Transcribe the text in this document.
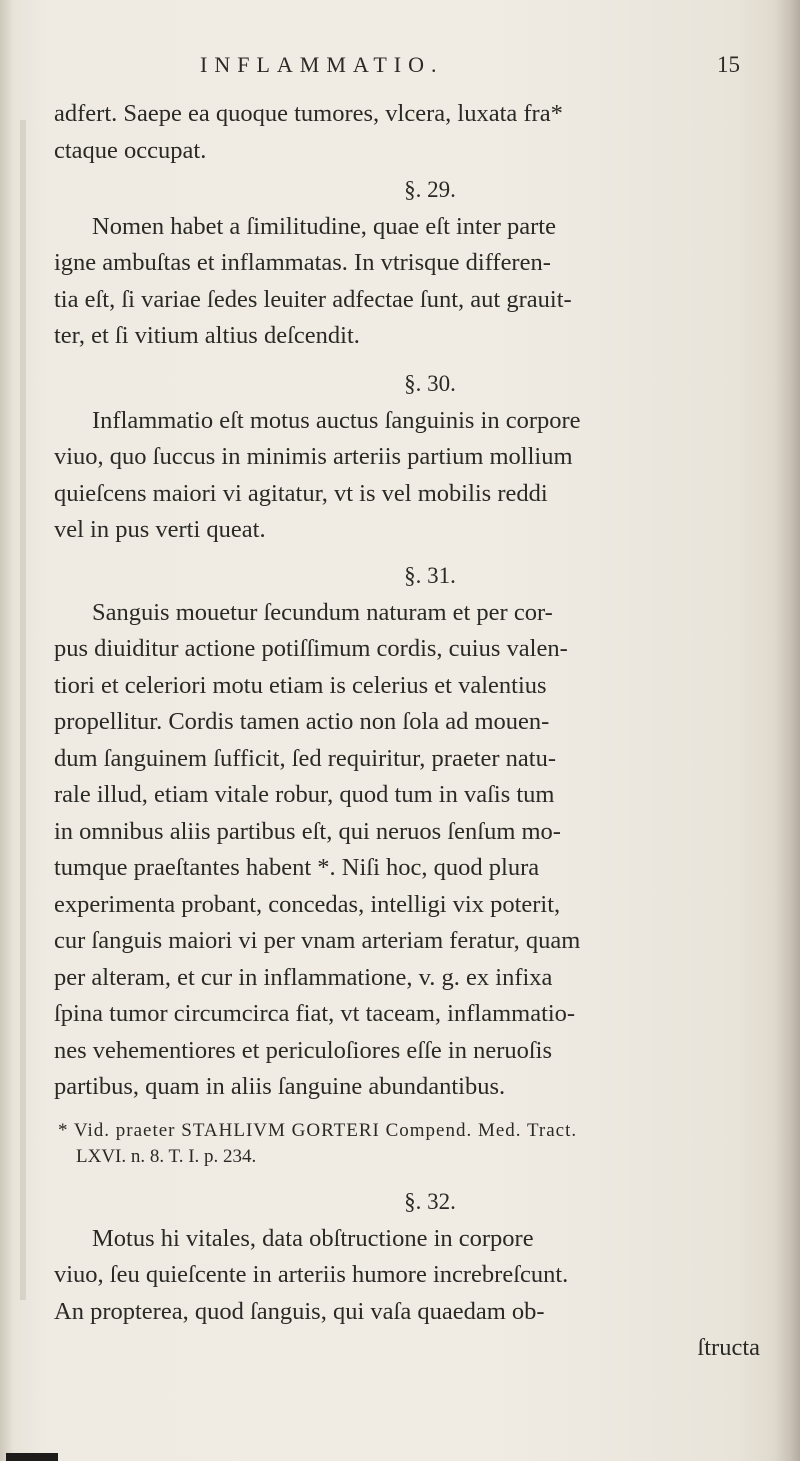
INFLAMMATIO.	15
adfert. Saepe ea quoque tumores, vlcera, luxata fra*
ctaque occupat.
§. 29.
Nomen habet a ſimilitudine, quae eſt inter parte
igne ambuſtas et inflammatas. In vtrisque differen-
tia eſt, ſi variae ſedes leuiter adfectae ſunt, aut grauit-
ter, et ſi vitium altius deſcendit.
§. 30.
Inflammatio eſt motus auctus ſanguinis in corpore
viuo, quo ſuccus in minimis arteriis partium mollium
quieſcens maiori vi agitatur, vt is vel mobilis reddi
vel in pus verti queat.
§. 31.
Sanguis mouetur ſecundum naturam et per cor-
pus diuiditur actione potiſſimum cordis, cuius valen-
tiori et celeriori motu etiam is celerius et valentius
propellitur. Cordis tamen actio non ſola ad mouen-
dum ſanguinem ſufficit, ſed requiritur, praeter natu-
rale illud, etiam vitale robur, quod tum in vaſis tum
in omnibus aliis partibus eſt, qui neruos ſenſum mo-
tumque praeſtantes habent *. Niſi hoc, quod plura
experimenta probant, concedas, intelligi vix poterit,
cur ſanguis maiori vi per vnam arteriam feratur, quam
per alteram, et cur in inflammatione, v. g. ex infixa
ſpina tumor circumcirca fiat, vt taceam, inflammatio-
nes vehementiores et periculoſiores eſſe in neruoſis
partibus, quam in aliis ſanguine abundantibus.
* Vid. praeter STAHLIVM GORTERI Compend. Med. Tract.
LXVI. n. 8. T. I. p. 234.
§. 32.
Motus hi vitales, data obſtructione in corpore
viuo, ſeu quieſcente in arteriis humore increbreſcunt.
An propterea, quod ſanguis, qui vaſa quaedam ob-
ſtructa
